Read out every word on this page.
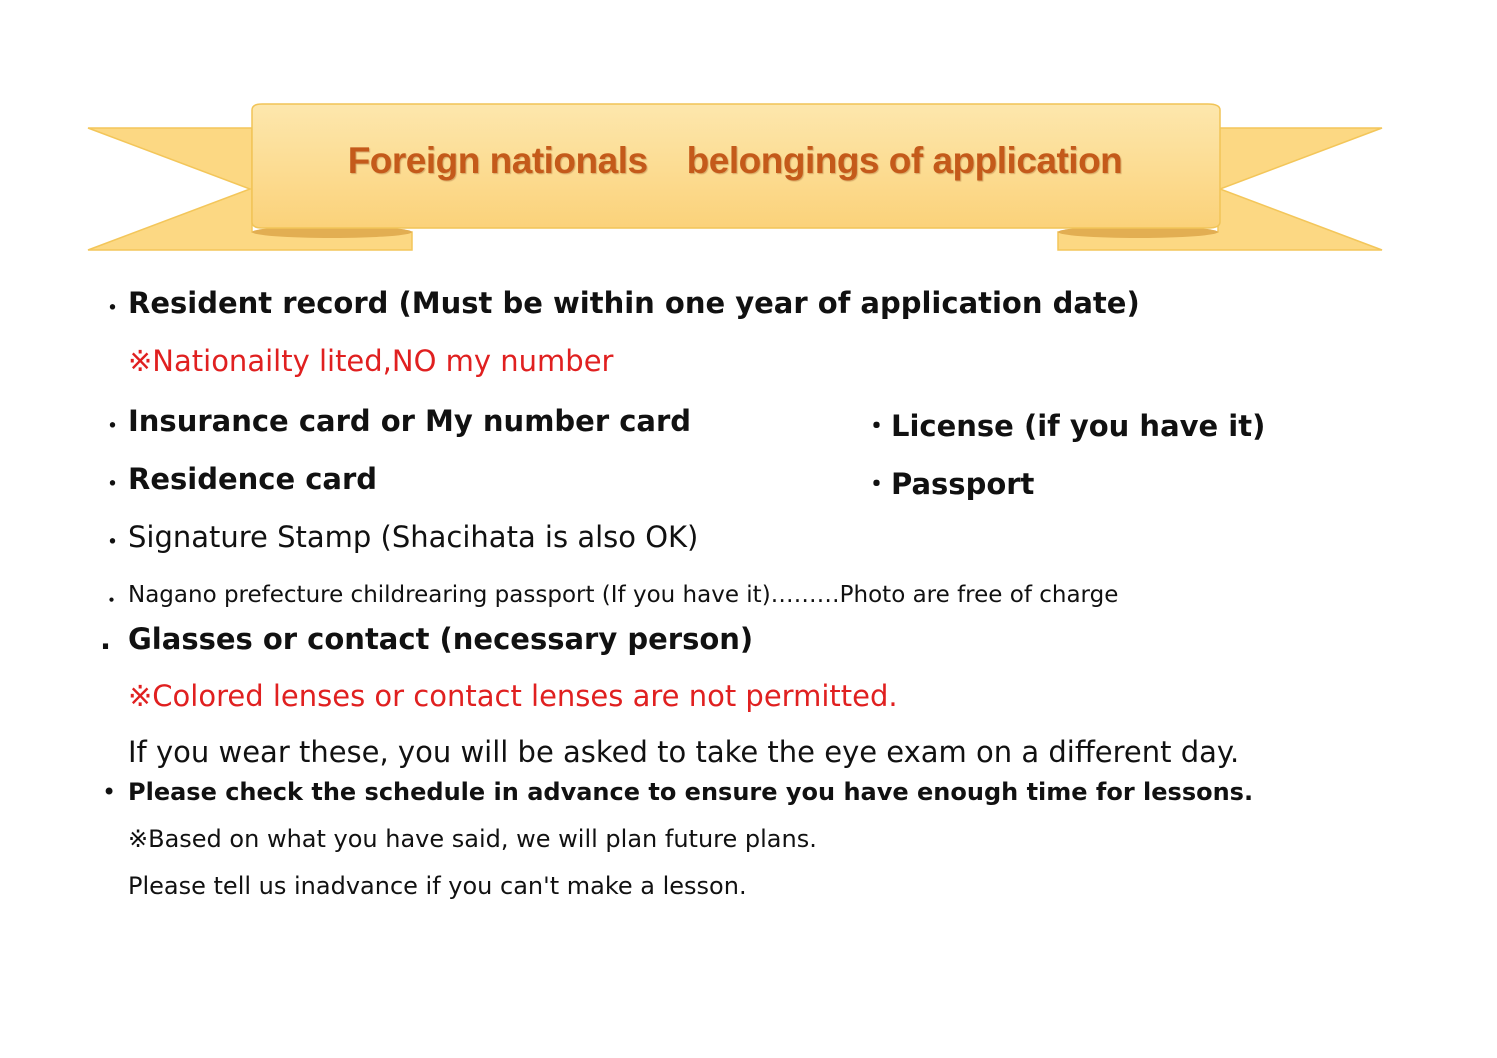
Foreign nationals    belongings of application
・ Resident record (Must be within one year of application date)
※Nationailty lited,NO my number
・ Insurance card or My number card	・License (if you have it)
・ Residence card	・Passport
・ Signature Stamp (Shacihata is also OK)
・ Nagano prefecture childrearing passport (If you have it)………Photo are free of charge
. Glasses or contact (necessary person)
※Colored lenses or contact lenses are not permitted.
If you wear these, you will be asked to take the eye exam on a different day.
• Please check the schedule in advance to ensure you have enough time for lessons.
※Based on what you have said, we will plan future plans.
Please tell us inadvance if you can't make a lesson.
